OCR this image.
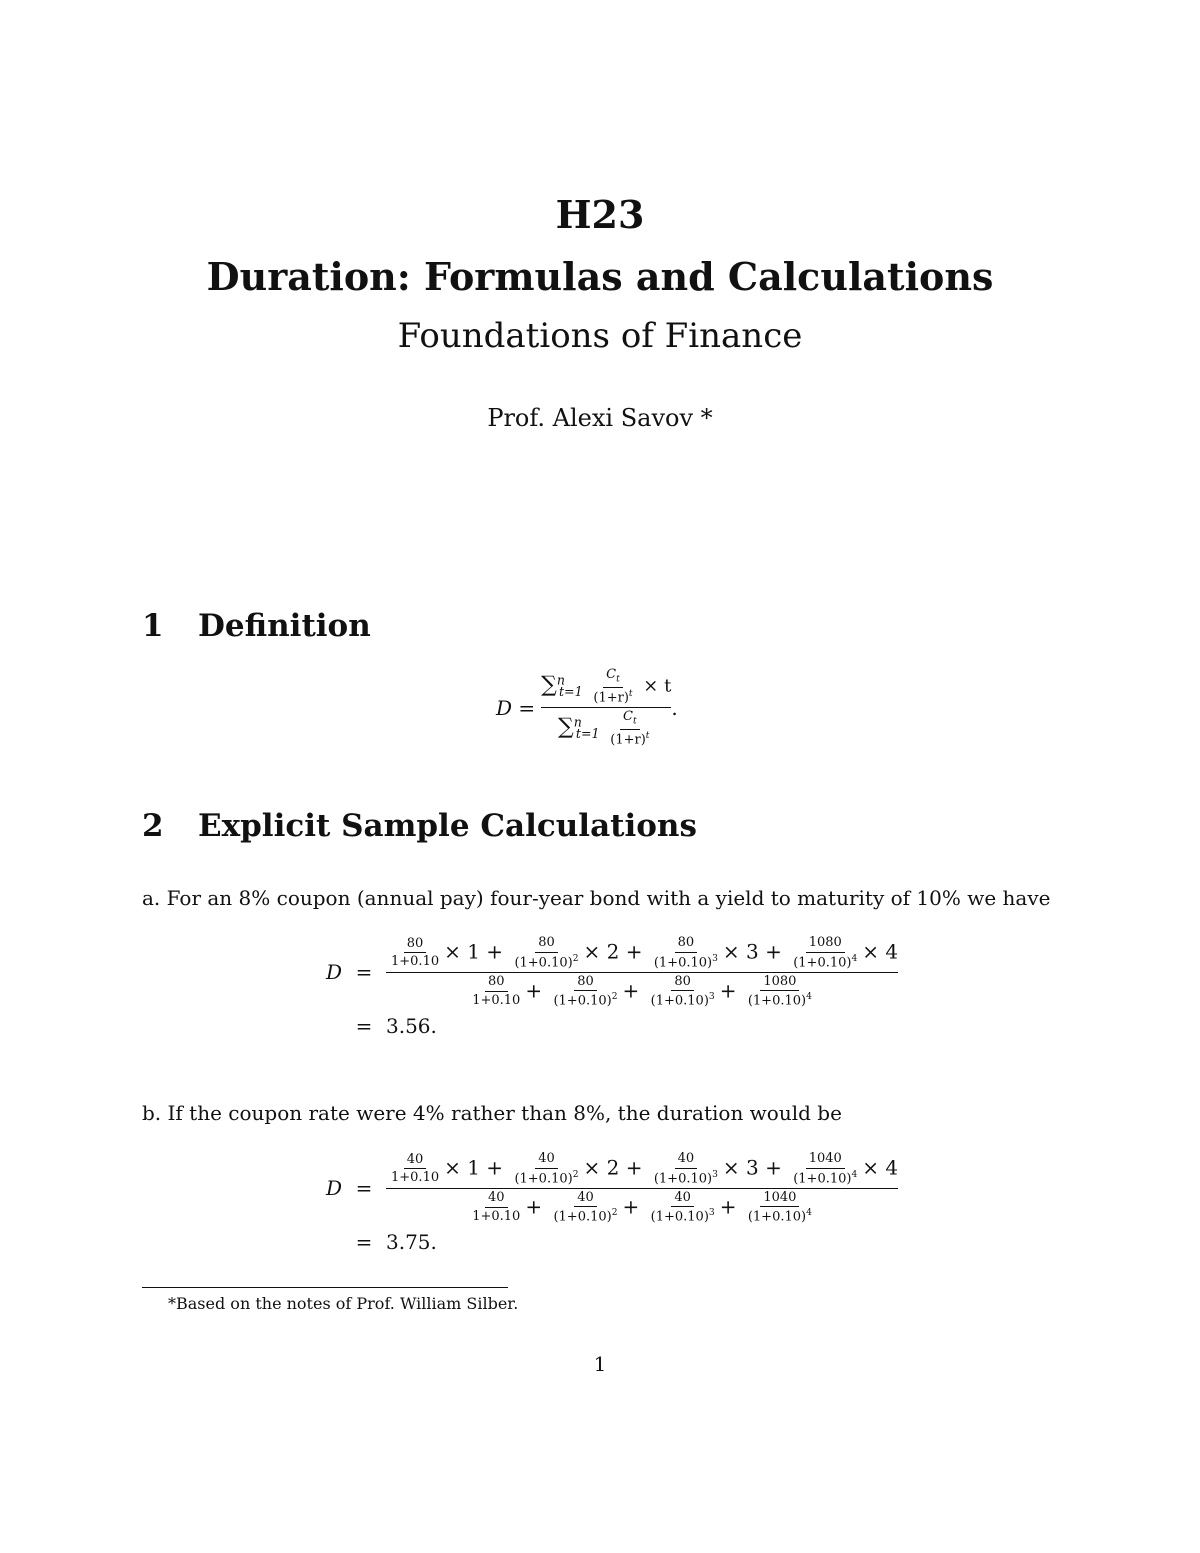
H23
Duration: Formulas and Calculations
Foundations of Finance
Prof. Alexi Savov *
1 Definition
$D = \frac{\sum^n_{t=1} \frac{C_t}{(1+r)^t} \times t}{\sum^n_{t=1} \frac{C_t}{(1+r)^t}}$ .
2 Explicit Sample Calculations
a. For an 8% coupon (annual pay) four-year bond with a yield to maturity of 10% we have
D =
$\frac{80}{1+0.10} \times 1 + \frac{80}{(1+0.10)^2} \times 2 + \frac{80}{(1+0.10)^3} \times 3 + \frac{1080}{(1+0.10)^4} \times 4$
$\frac{80}{1+0.10} + \frac{80}{(1+0.10)^2} + \frac{80}{(1+0.10)^3} + \frac{1080}{(1+0.10)^4}$
= 3.56.
b. If the coupon rate were 4% rather than 8%, the duration would be
D =
$\frac{40}{1+0.10} \times 1 + \frac{40}{(1+0.10)^2} \times 2 + \frac{40}{(1+0.10)^3} \times 3 + \frac{1040}{(1+0.10)^4} \times 4$
$\frac{40}{1+0.10} + \frac{40}{(1+0.10)^2} + \frac{40}{(1+0.10)^3} + \frac{1040}{(1+0.10)^4}$
= 3.75.
*Based on the notes of Prof. William Silber.
1
